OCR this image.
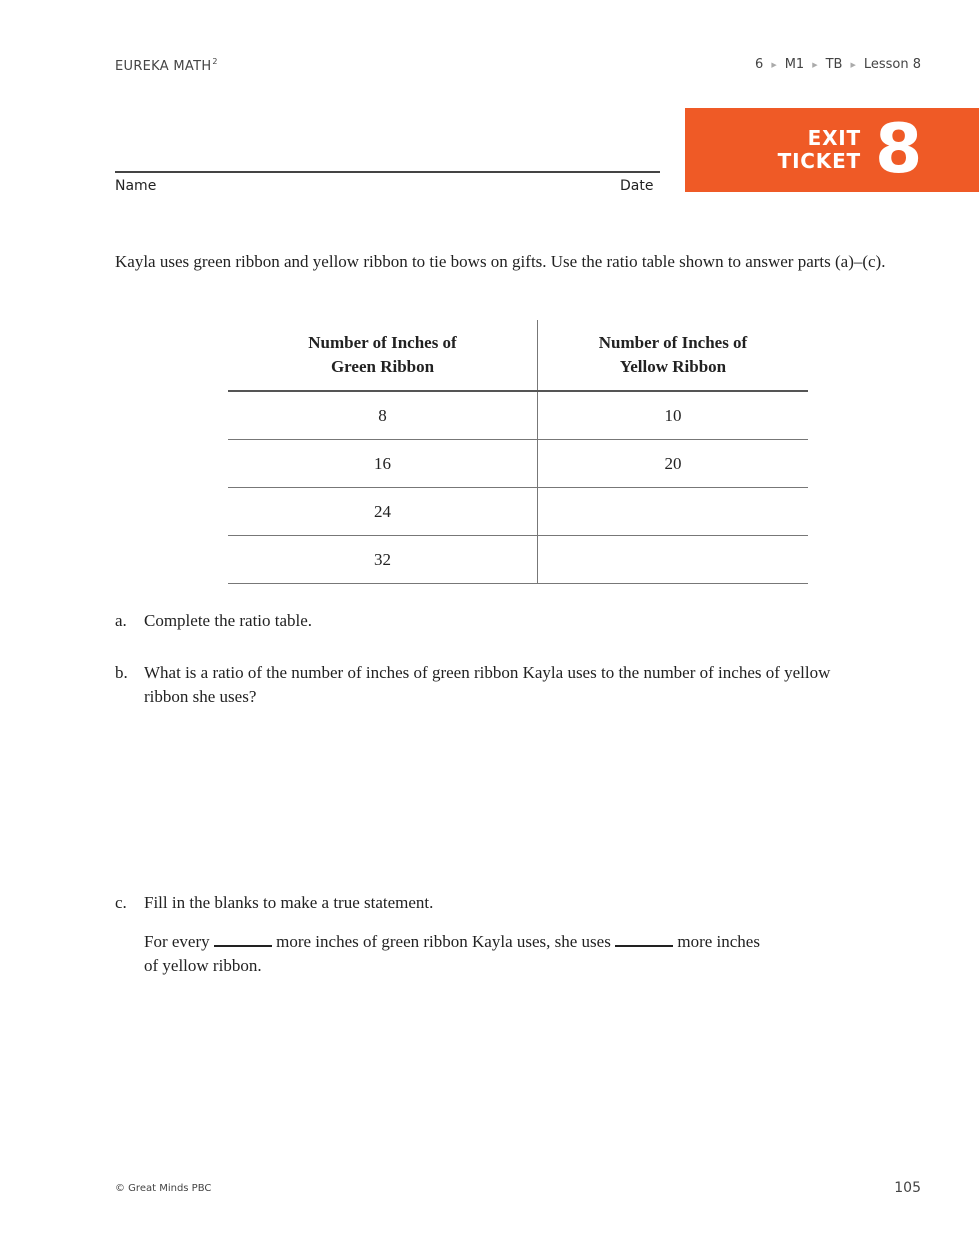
EUREKA MATH$^2$	6 ▶ M1 ▶ TB ▶ Lesson 8
EXIT
TICKET 8
Name	Date

Kayla uses green ribbon and yellow ribbon to tie bows on gifts. Use the ratio table shown to answer parts (a)–(c).

Number of Inches of
Green Ribbon	Number of Inches of
Yellow Ribbon
8	10
16	20
24	
32	
a. Complete the ratio table.
b. What is a ratio of the number of inches of green ribbon Kayla uses to the number of inches of yellow ribbon she uses?
c. Fill in the blanks to make a true statement.
For every	more inches of green ribbon Kayla uses, she uses	more inches
of yellow ribbon.
© Great Minds PBC	105
